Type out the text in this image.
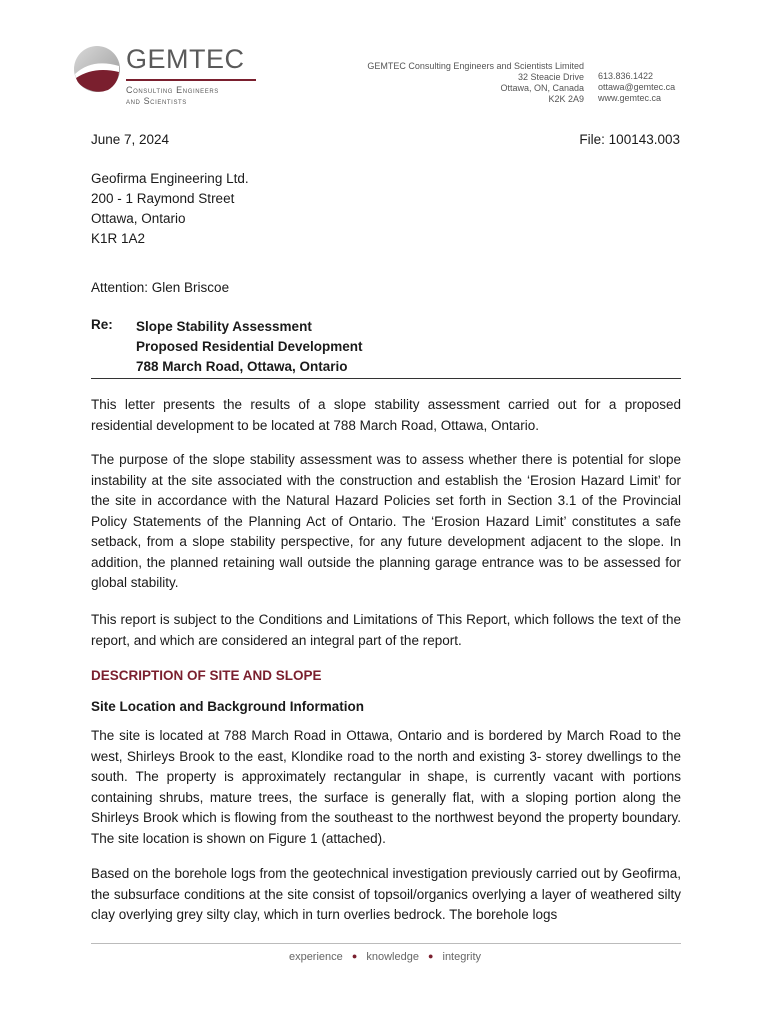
GEMTEC
Consulting Engineers
and Scientists
GEMTEC Consulting Engineers and Scientists Limited
32 Steacie Drive
Ottawa, ON, Canada
K2K 2A9
613.836.1422
ottawa@gemtec.ca
www.gemtec.ca
June 7, 2024	File: 100143.003
Geofirma Engineering Ltd.
200 - 1 Raymond Street
Ottawa, Ontario
K1R 1A2
Attention: Glen Briscoe
Re: Slope Stability Assessment
Proposed Residential Development
788 March Road, Ottawa, Ontario
This letter presents the results of a slope stability assessment carried out for a proposed residential development to be located at 788 March Road, Ottawa, Ontario.
The purpose of the slope stability assessment was to assess whether there is potential for slope instability at the site associated with the construction and establish the ‘Erosion Hazard Limit’ for the site in accordance with the Natural Hazard Policies set forth in Section 3.1 of the Provincial Policy Statements of the Planning Act of Ontario. The ‘Erosion Hazard Limit’ constitutes a safe setback, from a slope stability perspective, for any future development adjacent to the slope. In addition, the planned retaining wall outside the planning garage entrance was to be assessed for global stability.
This report is subject to the Conditions and Limitations of This Report, which follows the text of the report, and which are considered an integral part of the report.
DESCRIPTION OF SITE AND SLOPE
Site Location and Background Information
The site is located at 788 March Road in Ottawa, Ontario and is bordered by March Road to the west, Shirleys Brook to the east, Klondike road to the north and existing 3- storey dwellings to the south. The property is approximately rectangular in shape, is currently vacant with portions containing shrubs, mature trees, the surface is generally flat, with a sloping portion along the Shirleys Brook which is flowing from the southeast to the northwest beyond the property boundary. The site location is shown on Figure 1 (attached).
Based on the borehole logs from the geotechnical investigation previously carried out by Geofirma, the subsurface conditions at the site consist of topsoil/organics overlying a layer of weathered silty clay overlying grey silty clay, which in turn overlies bedrock. The borehole logs
experience ● knowledge ● integrity
